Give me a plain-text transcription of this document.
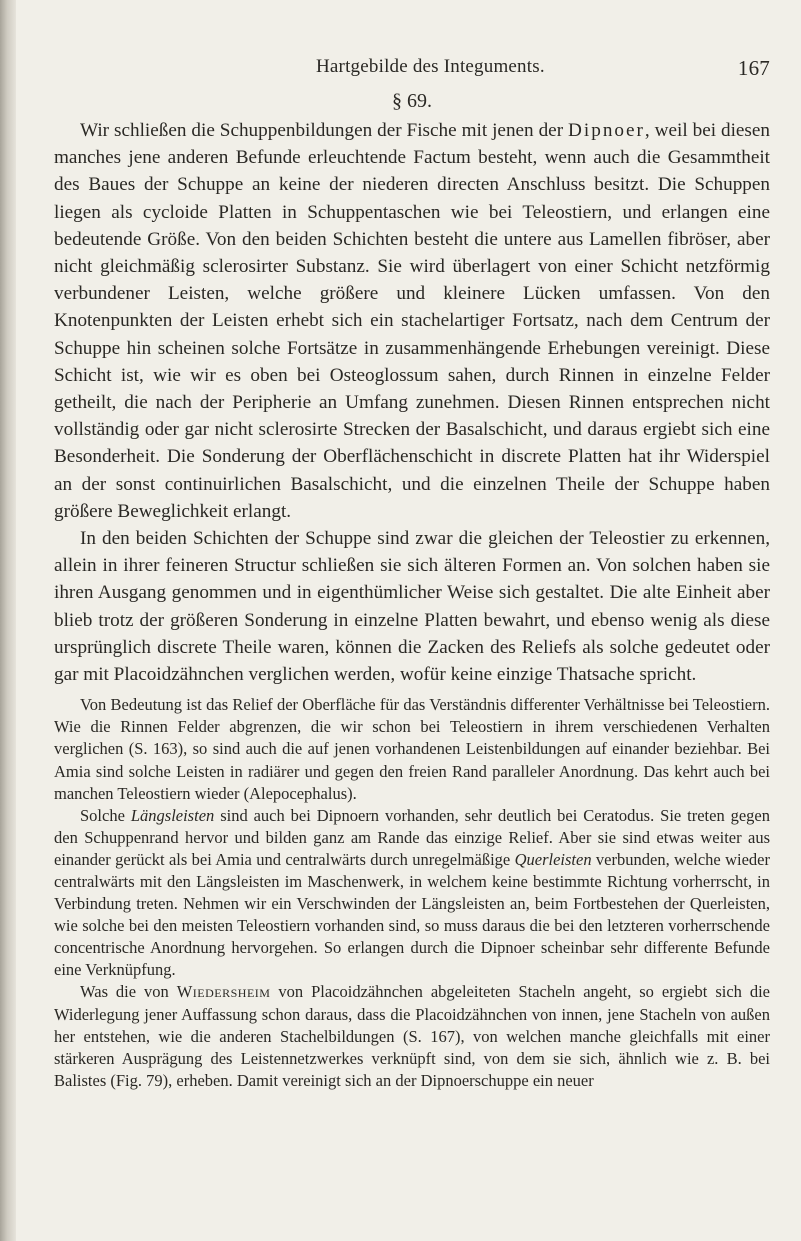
Hartgebilde des Integuments.	167
§ 69.

Wir schließen die Schuppenbildungen der Fische mit jenen der Dipnoer, weil bei diesen manches jene anderen Befunde erleuchtende Factum besteht, wenn auch die Gesammtheit des Baues der Schuppe an keine der niederen directen Anschluss besitzt. Die Schuppen liegen als cycloide Platten in Schuppentaschen wie bei Teleostiern, und erlangen eine bedeutende Größe. Von den beiden Schichten besteht die untere aus Lamellen fibröser, aber nicht gleichmäßig sclerosirter Substanz. Sie wird überlagert von einer Schicht netzförmig verbundener Leisten, welche größere und kleinere Lücken umfassen. Von den Knotenpunkten der Leisten erhebt sich ein stachelartiger Fortsatz, nach dem Centrum der Schuppe hin scheinen solche Fortsätze in zusammenhängende Erhebungen vereinigt. Diese Schicht ist, wie wir es oben bei Osteoglossum sahen, durch Rinnen in einzelne Felder getheilt, die nach der Peripherie an Umfang zunehmen. Diesen Rinnen entsprechen nicht vollständig oder gar nicht sclerosirte Strecken der Basalschicht, und daraus ergiebt sich eine Besonderheit. Die Sonderung der Oberflächenschicht in discrete Platten hat ihr Widerspiel an der sonst continuirlichen Basalschicht, und die einzelnen Theile der Schuppe haben größere Beweglichkeit erlangt.

In den beiden Schichten der Schuppe sind zwar die gleichen der Teleostier zu erkennen, allein in ihrer feineren Structur schließen sie sich älteren Formen an. Von solchen haben sie ihren Ausgang genommen und in eigenthümlicher Weise sich gestaltet. Die alte Einheit aber blieb trotz der größeren Sonderung in einzelne Platten bewahrt, und ebenso wenig als diese ursprünglich discrete Theile waren, können die Zacken des Reliefs als solche gedeutet oder gar mit Placoidzähnchen verglichen werden, wofür keine einzige Thatsache spricht.

Von Bedeutung ist das Relief der Oberfläche für das Verständnis differenter Verhältnisse bei Teleostiern. Wie die Rinnen Felder abgrenzen, die wir schon bei Teleostiern in ihrem verschiedenen Verhalten verglichen (S. 163), so sind auch die auf jenen vorhandenen Leistenbildungen auf einander beziehbar. Bei Amia sind solche Leisten in radiärer und gegen den freien Rand paralleler Anordnung. Das kehrt auch bei manchen Teleostiern wieder (Alepocephalus).

Solche Längsleisten sind auch bei Dipnoern vorhanden, sehr deutlich bei Ceratodus. Sie treten gegen den Schuppenrand hervor und bilden ganz am Rande das einzige Relief. Aber sie sind etwas weiter aus einander gerückt als bei Amia und centralwärts durch unregelmäßige Querleisten verbunden, welche wieder centralwärts mit den Längsleisten im Maschenwerk, in welchem keine bestimmte Richtung vorherrscht, in Verbindung treten. Nehmen wir ein Verschwinden der Längsleisten an, beim Fortbestehen der Querleisten, wie solche bei den meisten Teleostiern vorhanden sind, so muss daraus die bei den letzteren vorherrschende concentrische Anordnung hervorgehen. So erlangen durch die Dipnoer scheinbar sehr differente Befunde eine Verknüpfung.

Was die von Wiedersheim von Placoidzähnchen abgeleiteten Stacheln angeht, so ergiebt sich die Widerlegung jener Auffassung schon daraus, dass die Placoidzähnchen von innen, jene Stacheln von außen her entstehen, wie die anderen Stachelbildungen (S. 167), von welchen manche gleichfalls mit einer stärkeren Ausprägung des Leistennetzwerkes verknüpft sind, von dem sie sich, ähnlich wie z. B. bei Balistes (Fig. 79), erheben. Damit vereinigt sich an der Dipnoerschuppe ein neuer
